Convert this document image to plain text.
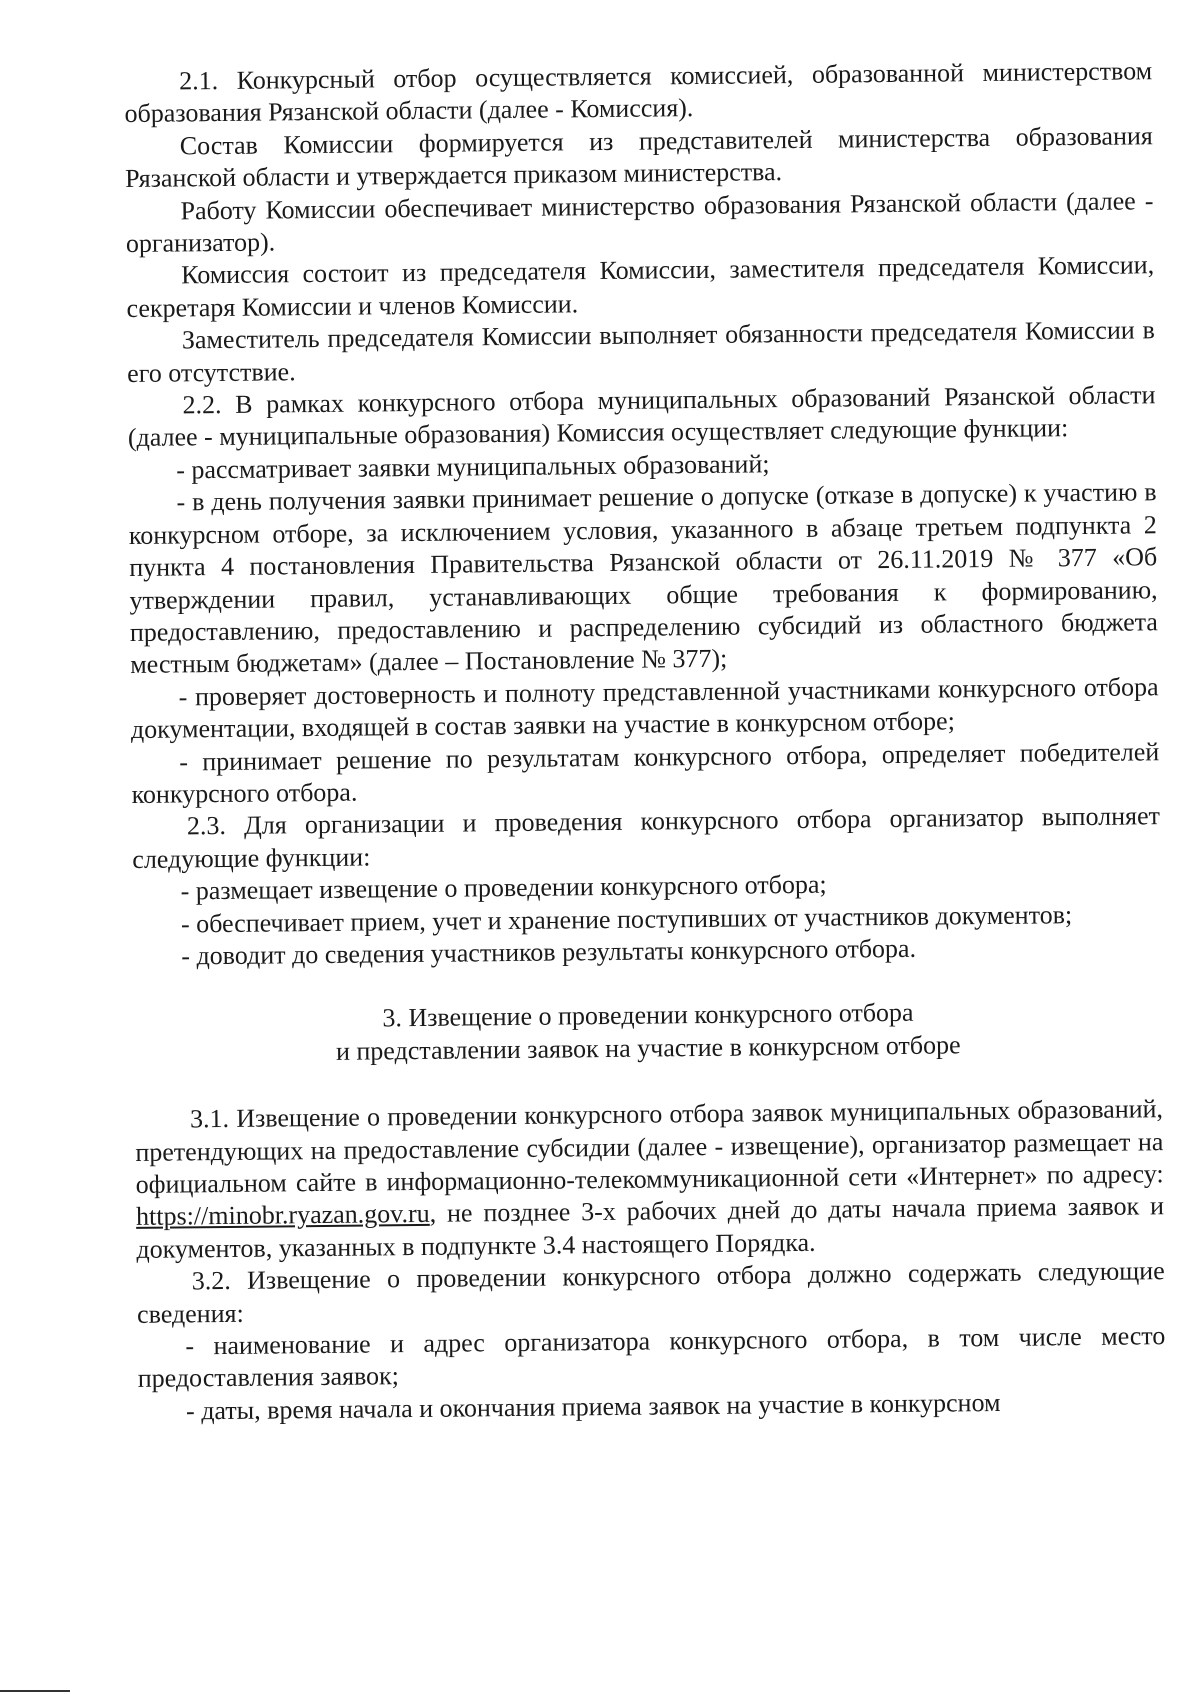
2.1. Конкурсный отбор осуществляется комиссией, образованной министерством образования Рязанской области (далее - Комиссия).

Состав Комиссии формируется из представителей министерства образования Рязанской области и утверждается приказом министерства.

Работу Комиссии обеспечивает министерство образования Рязанской области (далее - организатор).

Комиссия состоит из председателя Комиссии, заместителя председателя Комиссии, секретаря Комиссии и членов Комиссии.

Заместитель председателя Комиссии выполняет обязанности председателя Комиссии в его отсутствие.

2.2. В рамках конкурсного отбора муниципальных образований Рязанской области (далее - муниципальные образования) Комиссия осуществляет следующие функции:

- рассматривает заявки муниципальных образований;

- в день получения заявки принимает решение о допуске (отказе в допуске) к участию в конкурсном отборе, за исключением условия, указанного в абзаце третьем подпункта 2 пункта 4 постановления Правительства Рязанской области от 26.11.2019 № 377 «Об утверждении правил, устанавливающих общие требования к формированию, предоставлению, предоставлению и распределению субсидий из областного бюджета местным бюджетам» (далее – Постановление № 377);

- проверяет достоверность и полноту представленной участниками конкурсного отбора документации, входящей в состав заявки на участие в конкурсном отборе;

- принимает решение по результатам конкурсного отбора, определяет победителей конкурсного отбора.

2.3. Для организации и проведения конкурсного отбора организатор выполняет следующие функции:

- размещает извещение о проведении конкурсного отбора;

- обеспечивает прием, учет и хранение поступивших от участников документов;

- доводит до сведения участников результаты конкурсного отбора.

3. Извещение о проведении конкурсного отбора
и представлении заявок на участие в конкурсном отборе

3.1. Извещение о проведении конкурсного отбора заявок муниципальных образований, претендующих на предоставление субсидии (далее - извещение), организатор размещает на официальном сайте в информационно-телекоммуникационной сети «Интернет» по адресу: https://minobr.ryazan.gov.ru, не позднее 3-х рабочих дней до даты начала приема заявок и документов, указанных в подпункте 3.4 настоящего Порядка.

3.2. Извещение о проведении конкурсного отбора должно содержать следующие сведения:

- наименование и адрес организатора конкурсного отбора, в том числе место предоставления заявок;

- даты, время начала и окончания приема заявок на участие в конкурсном
